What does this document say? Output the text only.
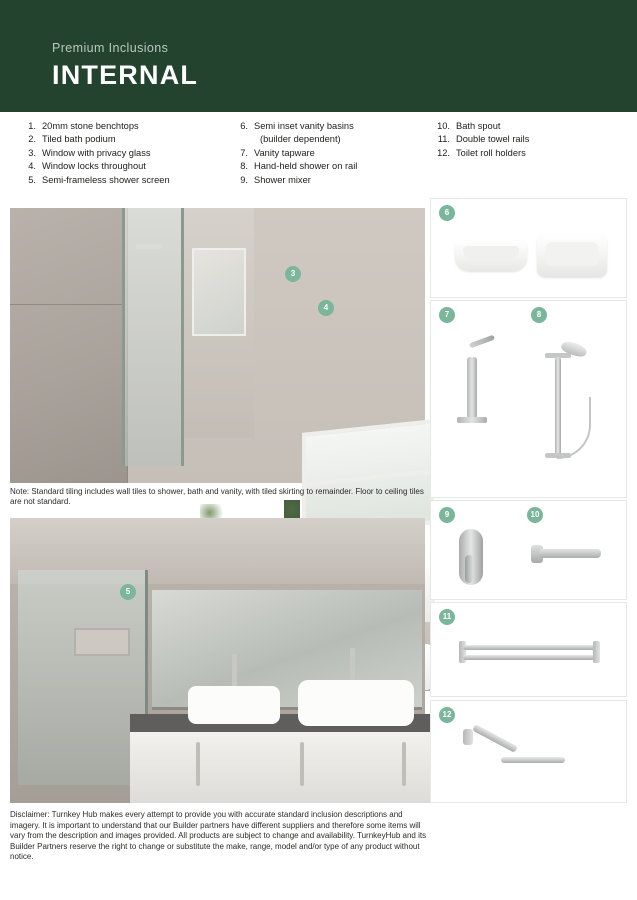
Premium Inclusions
INTERNAL
1. 20mm stone benchtops
2. Tiled bath podium
3. Window with privacy glass
4. Window locks throughout
5. Semi-frameless shower screen
6. Semi inset vanity basins
(builder dependent)
7. Vanity tapware
8. Hand-held shower on rail
9. Shower mixer
10. Bath spout
11. Double towel rails
12. Toilet roll holders
3
4
Note: Standard tiling includes wall tiles to shower, bath and vanity, with tiled skirting to remainder. Floor to ceiling tiles are not standard.
5
6
7	8
9	10
11
12
Disclaimer: Turnkey Hub makes every attempt to provide you with accurate standard inclusion descriptions and imagery. It is important to understand that our Builder partners have different suppliers and therefore some items will vary from the description and images provided. All products are subject to change and availability. TurnkeyHub and its Builder Partners reserve the right to change or substitute the make, range, model and/or type of any product without notice.
